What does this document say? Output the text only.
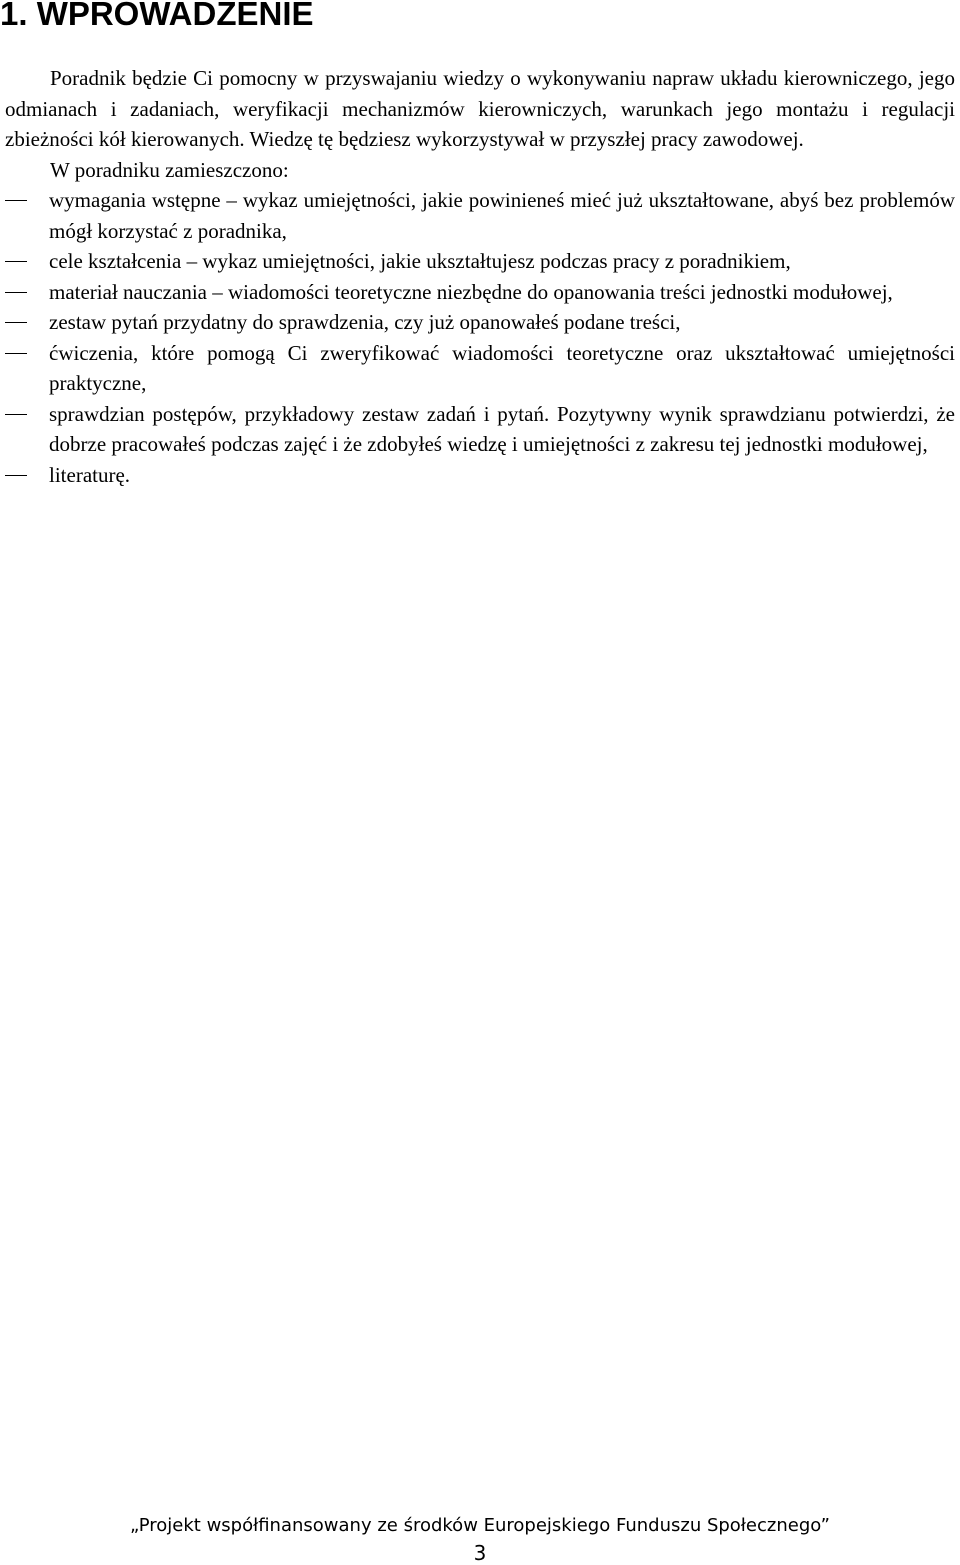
1. WPROWADZENIE

Poradnik będzie Ci pomocny w przyswajaniu wiedzy o wykonywaniu napraw układu kierowniczego, jego odmianach i zadaniach, weryfikacji mechanizmów kierowniczych, warunkach jego montażu i regulacji zbieżności kół kierowanych. Wiedzę tę będziesz wykorzystywał w przyszłej pracy zawodowej.

W poradniku zamieszczono:

wymagania wstępne – wykaz umiejętności, jakie powinieneś mieć już ukształtowane, abyś bez problemów mógł korzystać z poradnika,
cele kształcenia – wykaz umiejętności, jakie ukształtujesz podczas pracy z poradnikiem,
materiał nauczania – wiadomości teoretyczne niezbędne do opanowania treści jednostki modułowej,
zestaw pytań przydatny do sprawdzenia, czy już opanowałeś podane treści,
ćwiczenia, które pomogą Ci zweryfikować wiadomości teoretyczne oraz ukształtować umiejętności praktyczne,
sprawdzian postępów, przykładowy zestaw zadań i pytań. Pozytywny wynik sprawdzianu potwierdzi, że dobrze pracowałeś podczas zajęć i że zdobyłeś wiedzę i umiejętności z zakresu tej jednostki modułowej,
literaturę.
„Projekt współfinansowany ze środków Europejskiego Funduszu Społecznego”
3
